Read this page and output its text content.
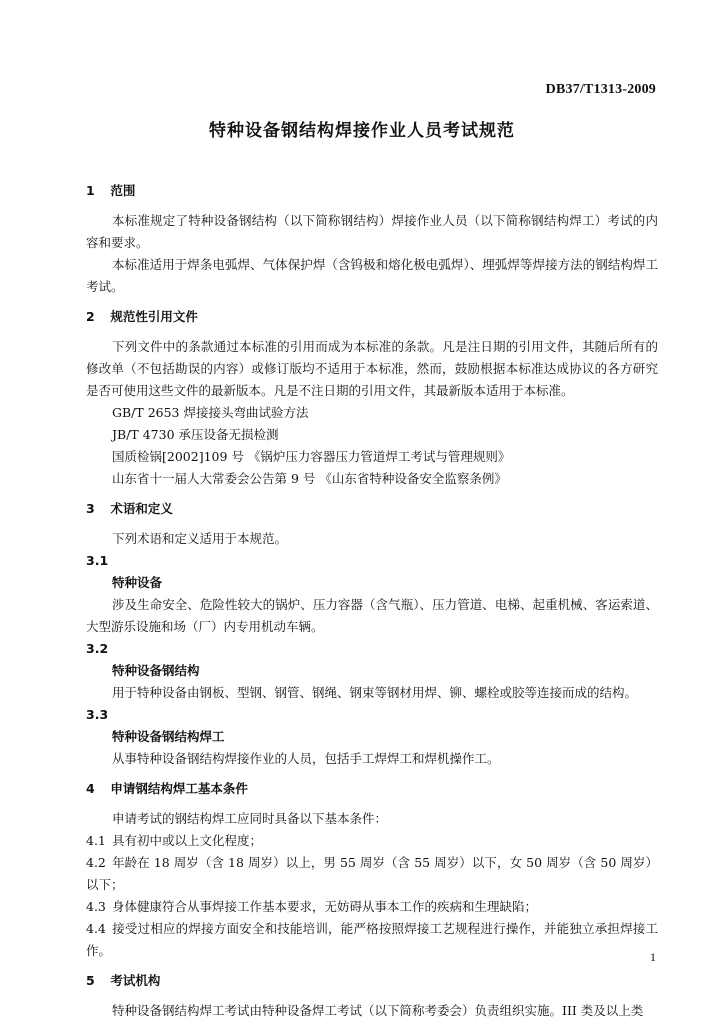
DB37/T1313-2009
特种设备钢结构焊接作业人员考试规范

1 范围

本标准规定了特种设备钢结构（以下简称钢结构）焊接作业人员（以下简称钢结构焊工）考试的内容和要求。

本标准适用于焊条电弧焊、气体保护焊（含钨极和熔化极电弧焊）、埋弧焊等焊接方法的钢结构焊工考试。

2 规范性引用文件

下列文件中的条款通过本标准的引用而成为本标准的条款。凡是注日期的引用文件，其随后所有的修改单（不包括勘误的内容）或修订版均不适用于本标准，然而，鼓励根据本标准达成协议的各方研究是否可使用这些文件的最新版本。凡是不注日期的引用文件，其最新版本适用于本标准。

GB/T 2653 焊接接头弯曲试验方法

JB/T 4730 承压设备无损检测

国质检锅[2002]109 号 《锅炉压力容器压力管道焊工考试与管理规则》

山东省十一届人大常委会公告第 9 号 《山东省特种设备安全监察条例》

3 术语和定义

下列术语和定义适用于本规范。

3.1

特种设备

涉及生命安全、危险性较大的锅炉、压力容器（含气瓶）、压力管道、电梯、起重机械、客运索道、大型游乐设施和场（厂）内专用机动车辆。

3.2

特种设备钢结构

用于特种设备由钢板、型钢、钢管、钢绳、钢束等钢材用焊、铆、螺栓或胶等连接而成的结构。

3.3

特种设备钢结构焊工

从事特种设备钢结构焊接作业的人员，包括手工焊焊工和焊机操作工。

4 申请钢结构焊工基本条件

申请考试的钢结构焊工应同时具备以下基本条件：

4.1 具有初中或以上文化程度；

4.2 年龄在 18 周岁（含 18 周岁）以上，男 55 周岁（含 55 周岁）以下，女 50 周岁（含 50 周岁）以下；

4.3 身体健康符合从事焊接工作基本要求，无妨碍从事本工作的疾病和生理缺陷；

4.4 接受过相应的焊接方面安全和技能培训，能严格按照焊接工艺规程进行操作，并能独立承担焊接工作。

5 考试机构

特种设备钢结构焊工考试由特种设备焊工考试（以下简称考委会）负责组织实施。III 类及以上类

1
